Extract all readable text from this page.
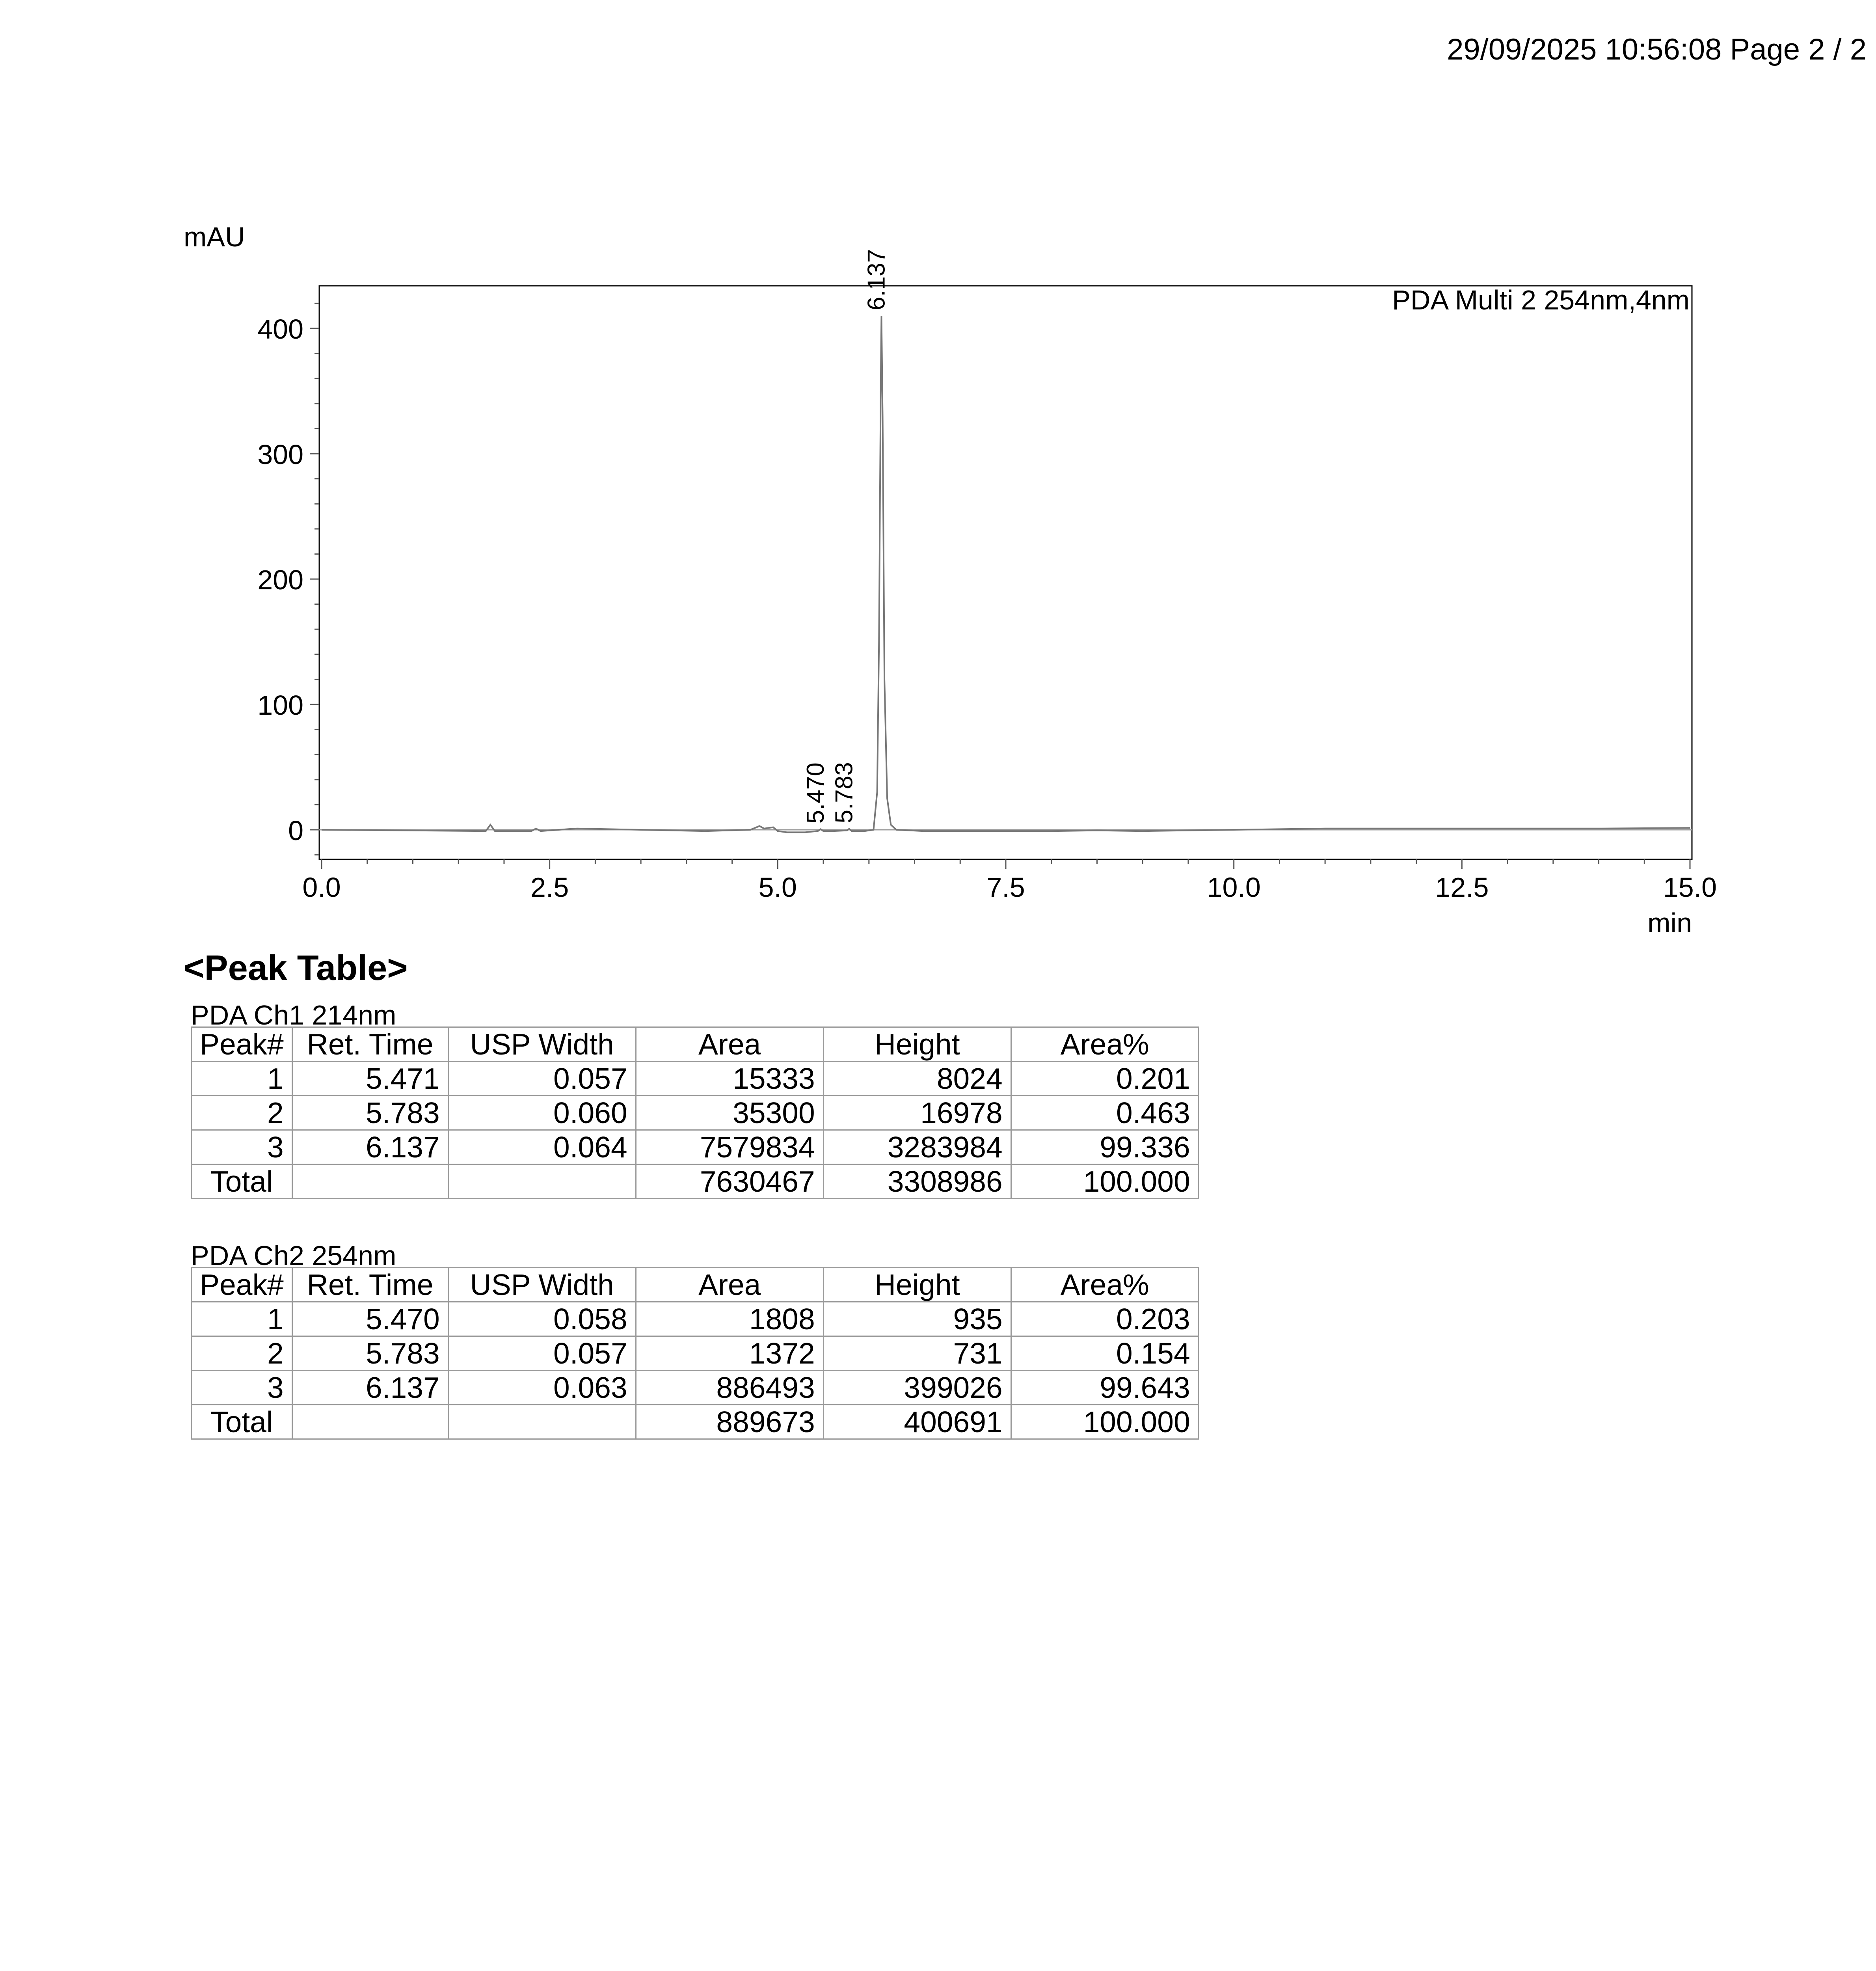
29/09/2025 10:56:08 Page 2 / 2
0
100
200
300
400
0.0	2.5	5.0	7.5	10.0	12.5	15.0
mAU
min
PDA Multi 2 254nm,4nm
5.470 5.783
6.137
<Peak Table>
PDA Ch1 214nm
Peak#	Ret. Time	USP Width	Area	Height	Area%
1	5.471	0.057	15333	8024	0.201
2	5.783	0.060	35300	16978	0.463
3	6.137	0.064	7579834	3283984	99.336
Total			7630467	3308986	100.000
PDA Ch2 254nm
Peak#	Ret. Time	USP Width	Area	Height	Area%
1	5.470	0.058	1808	935	0.203
2	5.783	0.057	1372	731	0.154
3	6.137	0.063	886493	399026	99.643
Total			889673	400691	100.000
